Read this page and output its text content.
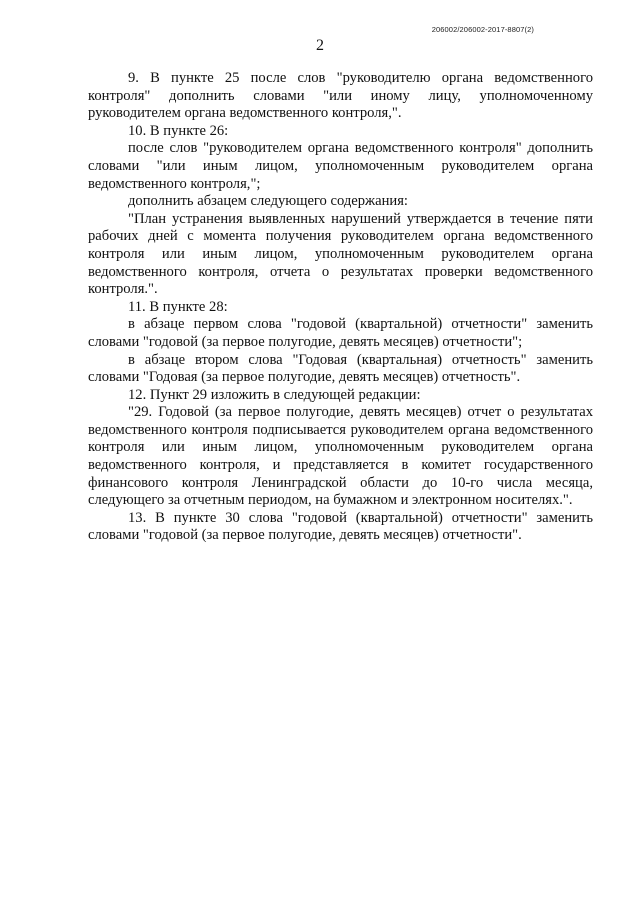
206002/206002-2017-8807(2)
2

9. В пункте 25 после слов "руководителю органа ведомственного контроля" дополнить словами "или иному лицу, уполномоченному руководителем органа ведомственного контроля,".

10. В пункте 26:

после слов "руководителем органа ведомственного контроля" дополнить словами "или иным лицом, уполномоченным руководителем органа ведомственного контроля,";

дополнить абзацем следующего содержания:

"План устранения выявленных нарушений утверждается в течение пяти рабочих дней с момента получения руководителем органа ведомственного контроля или иным лицом, уполномоченным руководителем органа ведомственного контроля, отчета о результатах проверки ведомственного контроля.".

11. В пункте 28:

в абзаце первом слова "годовой (квартальной) отчетности" заменить словами "годовой (за первое полугодие, девять месяцев) отчетности";

в абзаце втором слова "Годовая (квартальная) отчетность" заменить словами "Годовая (за первое полугодие, девять месяцев) отчетность".

12. Пункт 29 изложить в следующей редакции:

"29. Годовой (за первое полугодие, девять месяцев) отчет о результатах ведомственного контроля подписывается руководителем органа ведомственного контроля или иным лицом, уполномоченным руководителем органа ведомственного контроля, и представляется в комитет государственного финансового контроля Ленинградской области до 10-го числа месяца, следующего за отчетным периодом, на бумажном и электронном носителях.".

13. В пункте 30 слова "годовой (квартальной) отчетности" заменить словами "годовой (за первое полугодие, девять месяцев) отчетности".
